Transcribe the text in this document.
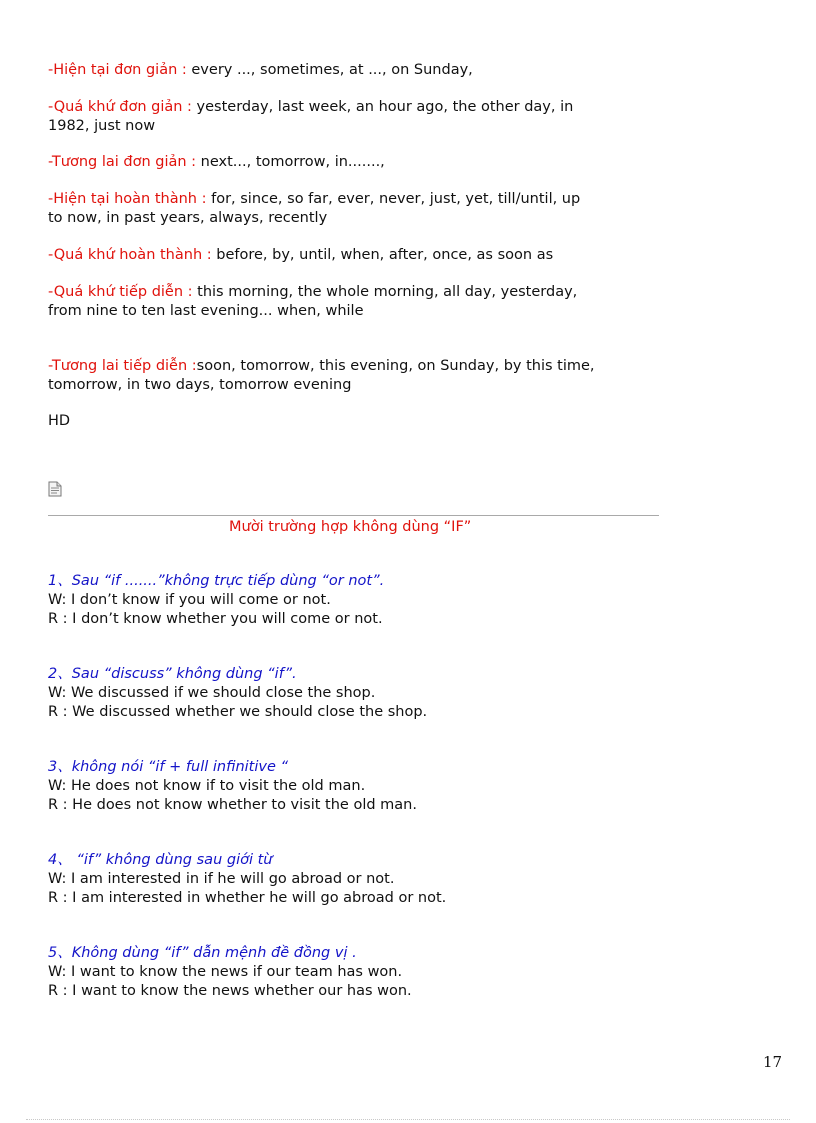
-Hiện tại đơn giản : every ..., sometimes, at ..., on Sunday,
-Quá khứ đơn giản : yesterday, last week, an hour ago, the other day, in
1982, just now
-Tương lai đơn giản : next..., tomorrow, in.......,
-Hiện tại hoàn thành : for, since, so far, ever, never, just, yet, till/until, up
to now, in past years, always, recently
-Quá khứ hoàn thành : before, by, until, when, after, once, as soon as
-Quá khứ tiếp diễn : this morning, the whole morning, all day, yesterday,
from nine to ten last evening... when, while
-Tương lai tiếp diễn :soon, tomorrow, this evening, on Sunday, by this time,
tomorrow, in two days, tomorrow evening
HD
Mười trường hợp không dùng “IF”
1、Sau “if .......”không trực tiếp dùng “or not”.
W: I don’t know if you will come or not.
R : I don’t know whether you will come or not.
2、Sau “discuss” không dùng “if”.
W: We discussed if we should close the shop.
R : We discussed whether we should close the shop.
3、không nói “if + full infinitive “
W: He does not know if to visit the old man.
R : He does not know whether to visit the old man.
4、 “if” không dùng sau giới từ
W: I am interested in if he will go abroad or not.
R : I am interested in whether he will go abroad or not.
5、Không dùng “if” dẫn mệnh đề đồng vị .
W: I want to know the news if our team has won.
R : I want to know the news whether our has won.
17
